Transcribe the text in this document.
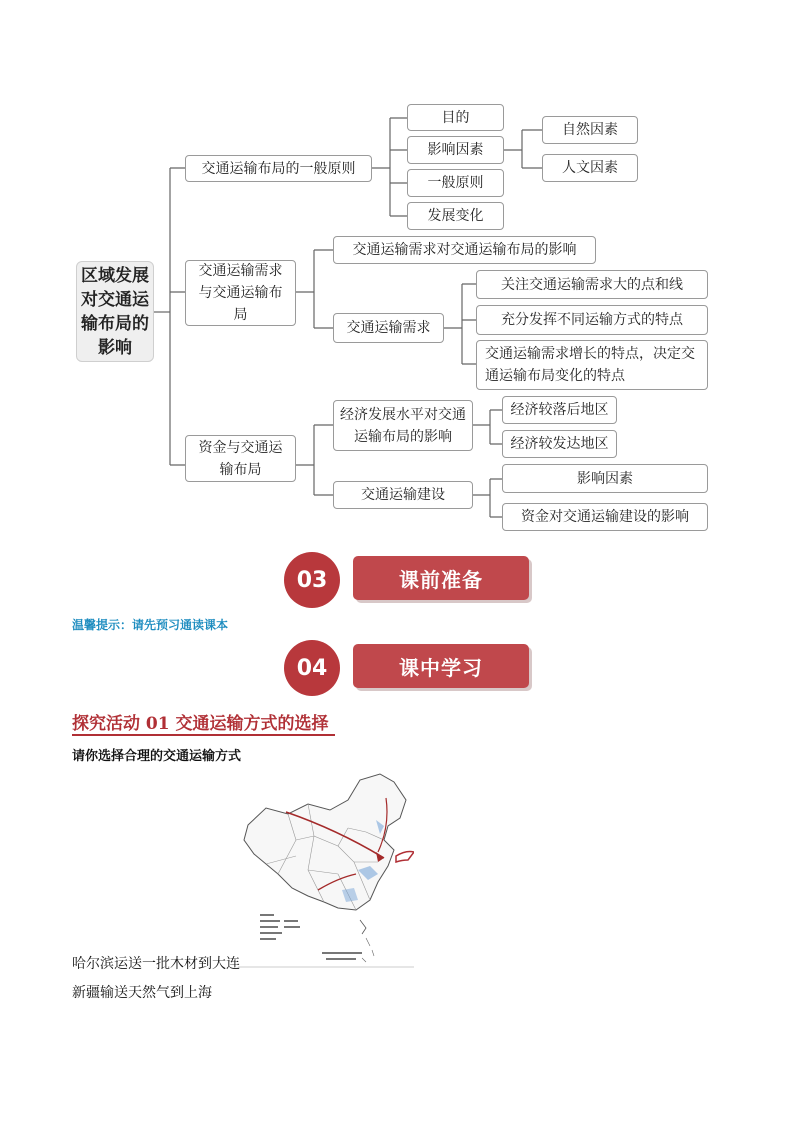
区域发展对交通运输布局的影响
交通运输布局的一般原则
目的
影响因素
一般原则
发展变化
自然因素
人文因素
交通运输需求与交通运输布局
交通运输需求对交通运输布局的影响
交通运输需求
关注交通运输需求大的点和线
充分发挥不同运输方式的特点
交通运输需求增长的特点，决定交通运输布局变化的特点
资金与交通运输布局
经济发展水平对交通运输布局的影响
经济较落后地区
经济较发达地区
交通运输建设
影响因素
资金对交通运输建设的影响
03	课前准备
温馨提示：请先预习通读课本
04	课中学习
探究活动 01 交通运输方式的选择
请你选择合理的交通运输方式
哈尔滨运送一批木材到大连
新疆输送天然气到上海
